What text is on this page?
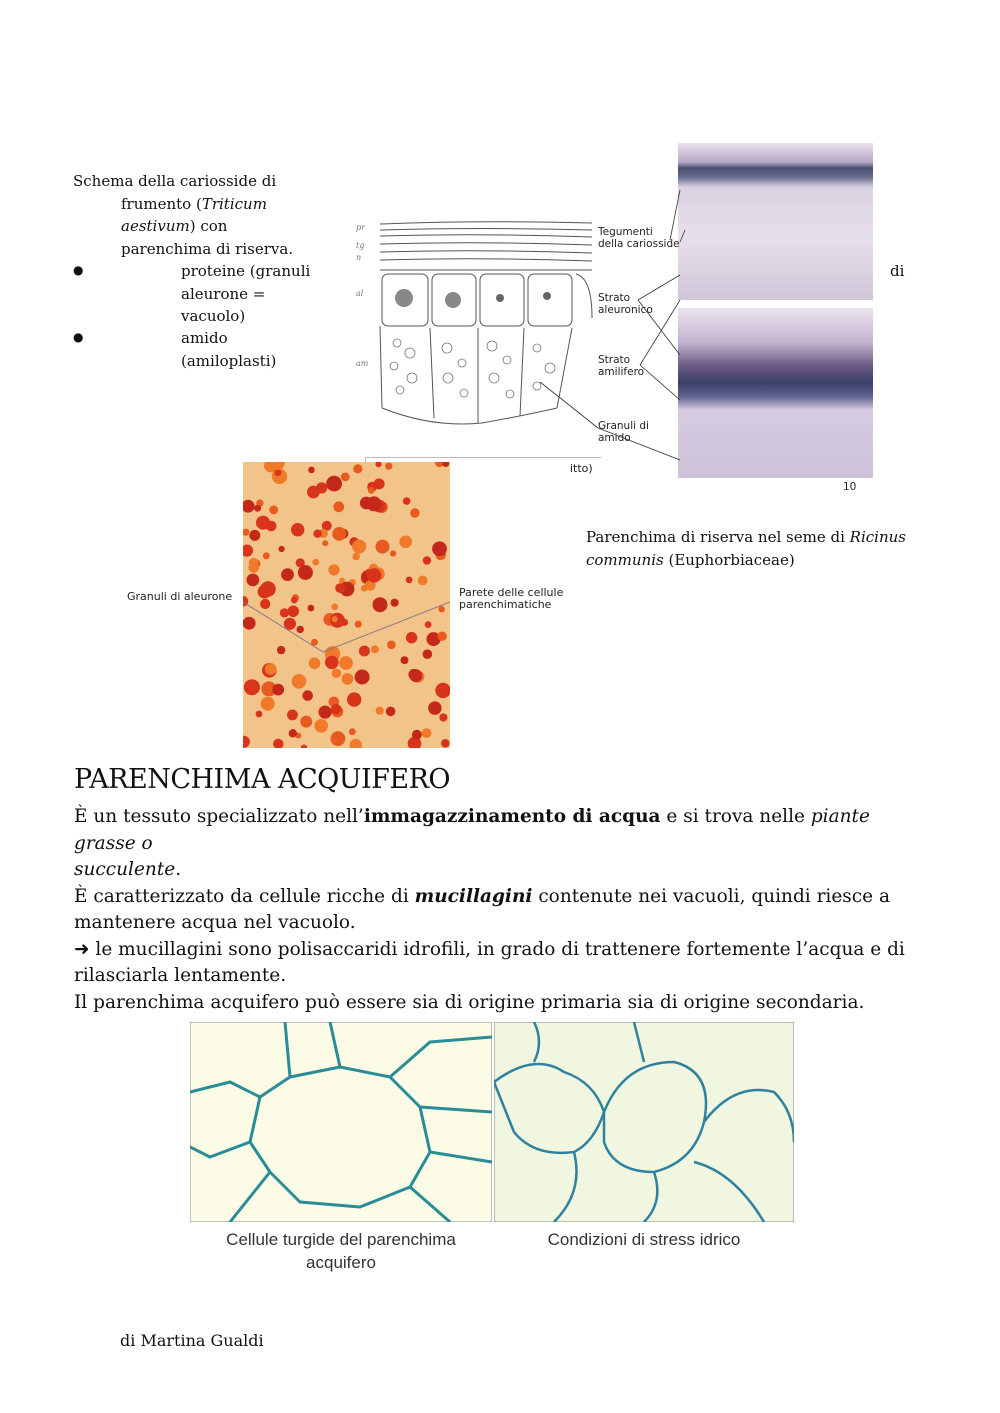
Schema della cariosside di
frumento (Triticum
aestivum) con
parenchima di riserva.
●	proteine (granuli
aleurone =
vacuolo)
●	amido
(amiloplasti)
di
pr
tg
n
al
am
10
Tegumenti
della cariosside
Strato
aleuronico
Strato
amilifero
Granuli di
amido
itto)
Granuli di aleurone	Parete delle cellule
parenchimatiche
Parenchima di riserva nel seme di Ricinus
communis (Euphorbiaceae)
PARENCHIMA ACQUIFERO
È un tessuto specializzato nell’immagazzinamento di acqua e si trova nelle piante grasse o
succulente.
È caratterizzato da cellule ricche di mucillagini contenute nei vacuoli, quindi riesce a
mantenere acqua nel vacuolo.
➜ le mucillagini sono polisaccaridi idrofili, in grado di trattenere fortemente l’acqua e di
rilasciarla lentamente.
Il parenchima acquifero può essere sia di origine primaria sia di origine secondaria.
Cellule turgide del parenchima
acquifero
Condizioni di stress idrico
di Martina Gualdi
